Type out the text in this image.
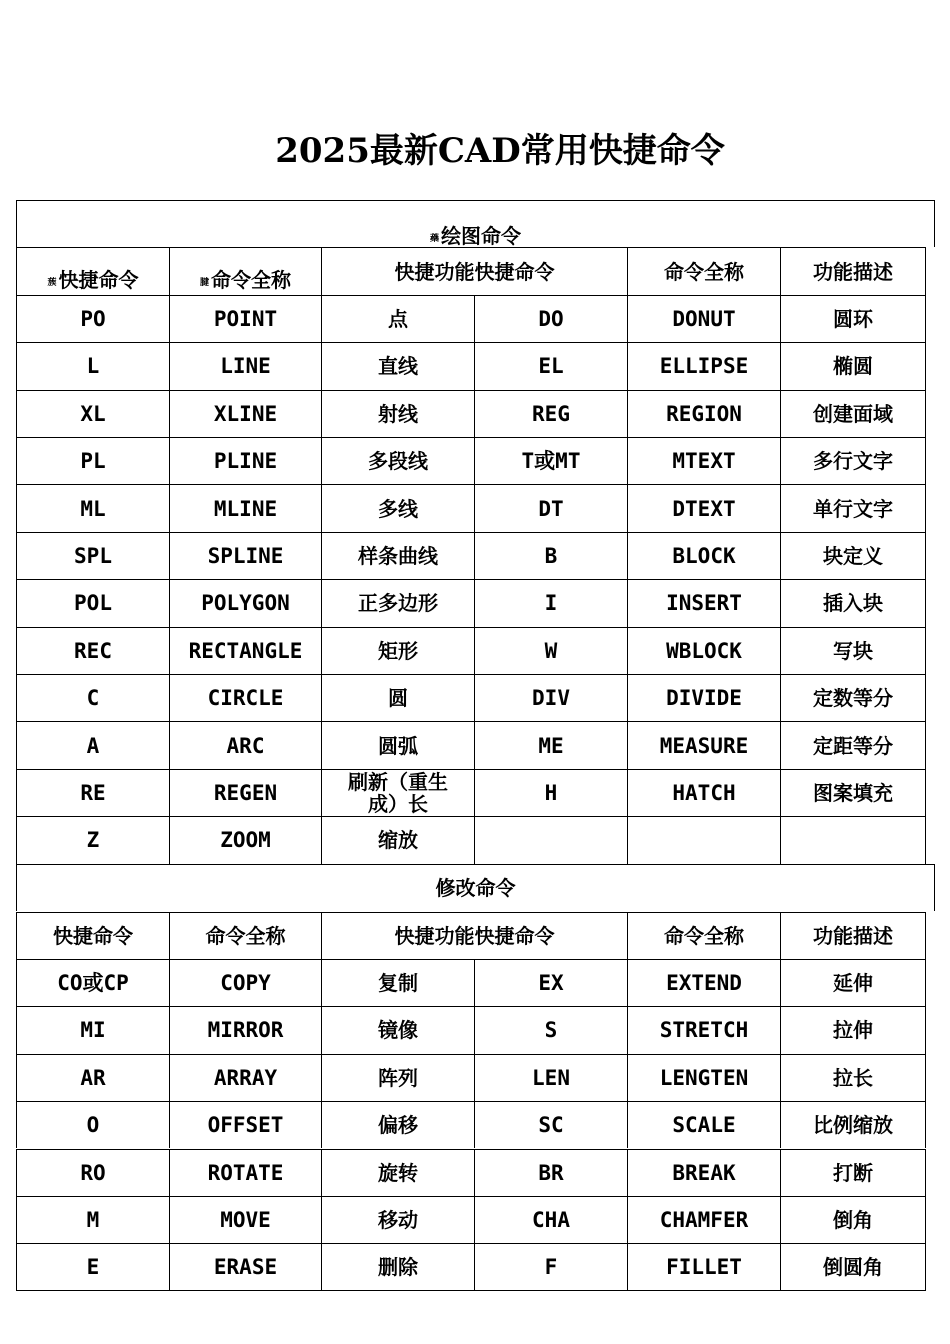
2025最新CAD常用快捷命令
蘃 绘图命令
蔟 快捷命令	腱 命令全称	快捷功能快捷命令	命令全称	功能描述
PO	POINT	点	DO	DONUT	圆环
L	LINE	直线	EL	ELLIPSE	椭圆
XL	XLINE	射线	REG	REGION	创建面域
PL	PLINE	多段线	T或MT	MTEXT	多行文字
ML	MLINE	多线	DT	DTEXT	单行文字
SPL	SPLINE	样条曲线	B	BLOCK	块定义
POL	POLYGON	正多边形	I	INSERT	插入块
REC	RECTANGLE	矩形	W	WBLOCK	写块
C	CIRCLE	圆	DIV	DIVIDE	定数等分
A	ARC	圆弧	ME	MEASURE	定距等分
RE	REGEN	刷新（重生成）长	H	HATCH	图案填充
Z	ZOOM	缩放
修改命令
快捷命令	命令全称	快捷功能快捷命令	命令全称	功能描述
CO或CP	COPY	复制	EX	EXTEND	延伸
MI	MIRROR	镜像	S	STRETCH	拉伸
AR	ARRAY	阵列	LEN	LENGTEN	拉长
O	OFFSET	偏移	SC	SCALE	比例缩放
RO	ROTATE	旋转	BR	BREAK	打断
M	MOVE	移动	CHA	CHAMFER	倒角
E	ERASE	删除	F	FILLET	倒圆角
